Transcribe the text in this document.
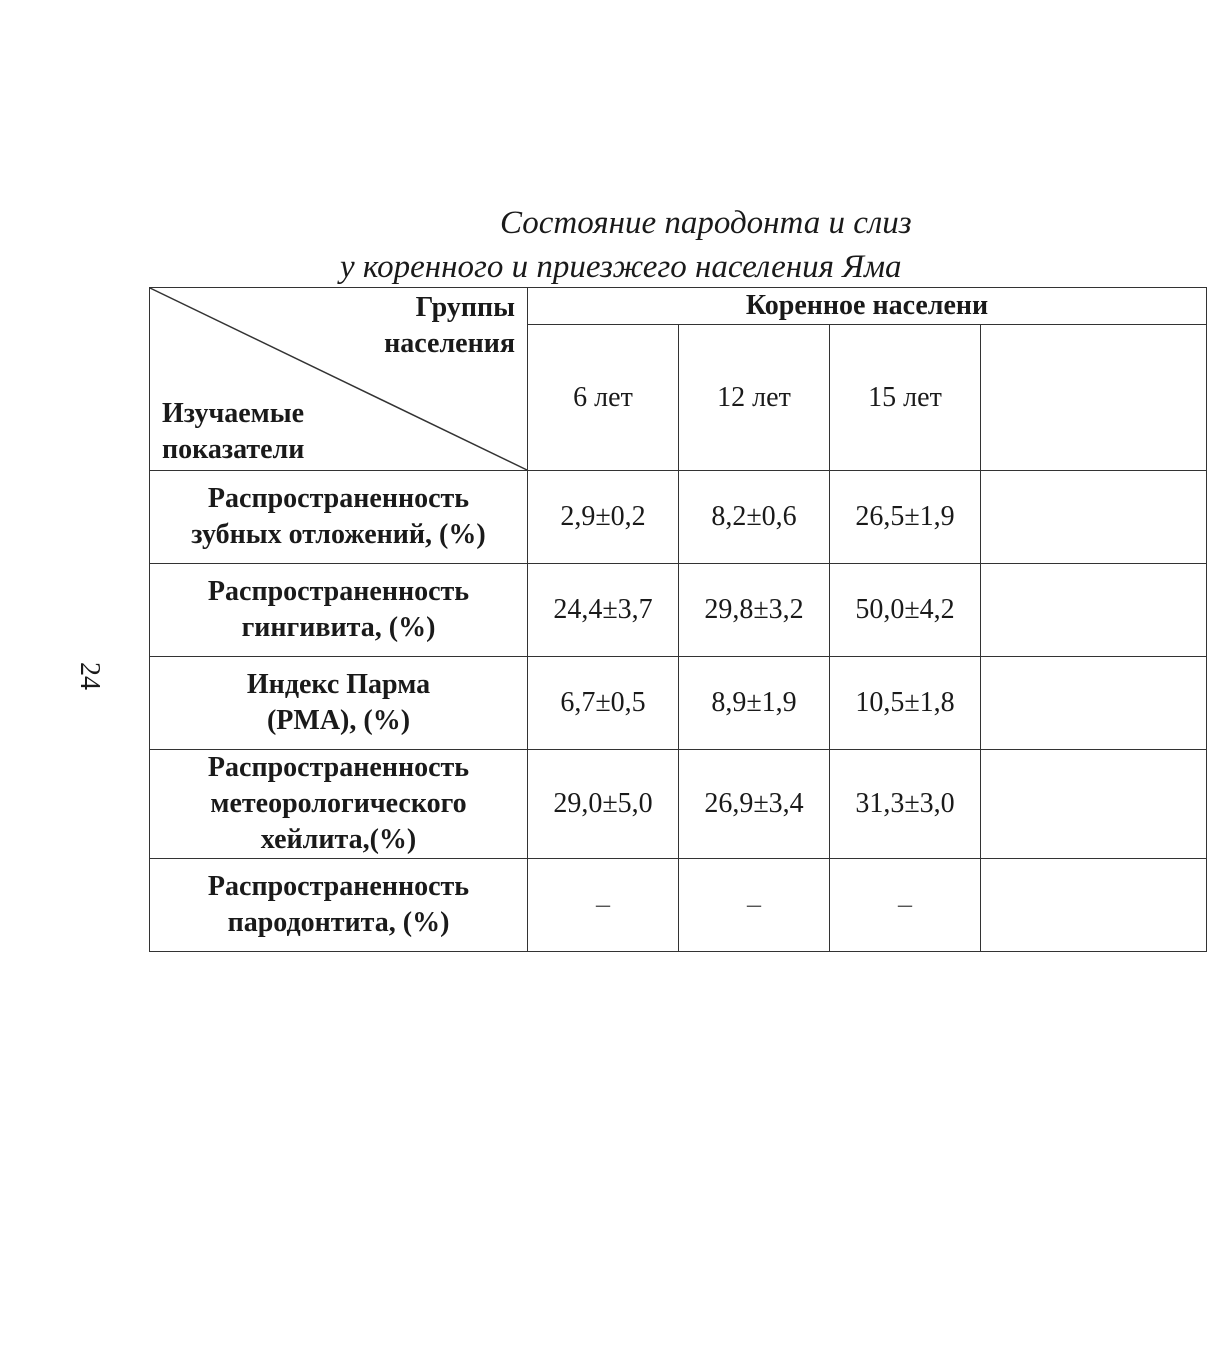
Состояние пародонта и слиз
у коренного и приезжего населения Яма
24
Группы
населения
Изучаемые
показатели	Коренное населени			
	6 лет	12 лет	15 лет	

Распространенность
зубных отложений, (%)	2,9±0,2	8,2±0,6	26,5±1,9	

Распространенность
гингивита, (%)	24,4±3,7	29,8±3,2	50,0±4,2	

Индекс Парма
(PMA), (%)	6,7±0,5	8,9±1,9	10,5±1,8	

Распространенность
метеорологического
хейлита,(%)	29,0±5,0	26,9±3,4	31,3±3,0	

Распространенность
пародонтита, (%)	–	–	–	
